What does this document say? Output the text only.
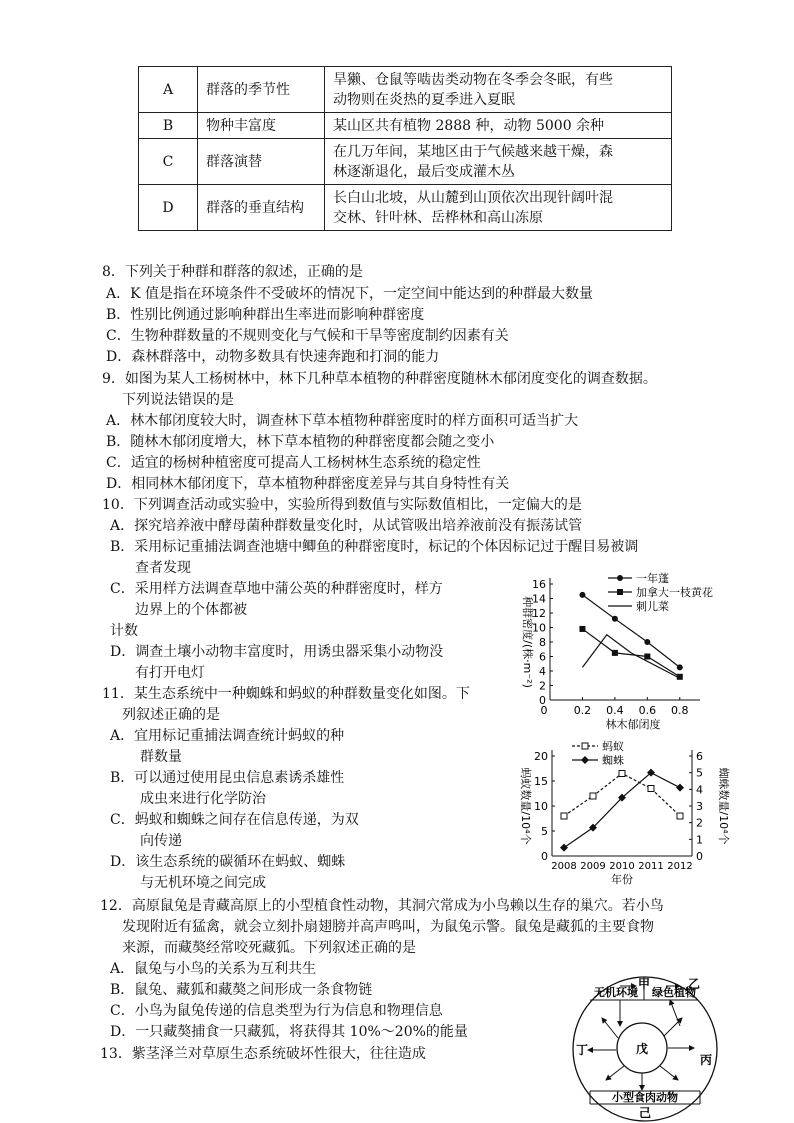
A	群落的季节性	旱獭、仓鼠等啮齿类动物在冬季会冬眠，有些
动物则在炎热的夏季进入夏眠

B	物种丰富度	某山区共有植物 2888 种，动物 5000 余种

C	群落演替	在几万年间，某地区由于气候越来越干燥，森
林逐渐退化，最后变成灌木丛

D	群落的垂直结构	长白山北坡，从山麓到山顶依次出现针阔叶混
交林、针叶林、岳桦林和高山冻原
8．下列关于种群和群落的叙述，正确的是
A．K 值是指在环境条件不受破坏的情况下，一定空间中能达到的种群最大数量
B．性别比例通过影响种群出生率进而影响种群密度
C．生物种群数量的不规则变化与气候和干旱等密度制约因素有关
D．森林群落中，动物多数具有快速奔跑和打洞的能力
9．如图为某人工杨树林中，林下几种草本植物的种群密度随林木郁闭度变化的调查数据。
下列说法错误的是
A．林木郁闭度较大时，调查林下草本植物种群密度时的样方面积可适当扩大
B．随林木郁闭度增大，林下草本植物的种群密度都会随之变小
C．适宜的杨树种植密度可提高人工杨树林生态系统的稳定性
D．相同林木郁闭度下，草本植物种群密度差异与其自身特性有关
10．下列调查活动或实验中，实验所得到数值与实际数值相比，一定偏大的是
A．探究培养液中酵母菌种群数量变化时，从试管吸出培养液前没有振荡试管
B．采用标记重捕法调查池塘中鲫鱼的种群密度时，标记的个体因标记过于醒目易被调
查者发现
C．采用样方法调查草地中蒲公英的种群密度时，样方
边界上的个体都被
计数
D．调查土壤小动物丰富度时，用诱虫器采集小动物没
有打开电灯
11．某生态系统中一种蜘蛛和蚂蚁的种群数量变化如图。下
列叙述正确的是
A．宜用标记重捕法调查统计蚂蚁的种
群数量
B．可以通过使用昆虫信息素诱杀雄性
成虫来进行化学防治
C．蚂蚁和蜘蛛之间存在信息传递，为双
向传递
D．该生态系统的碳循环在蚂蚁、蜘蛛
与无机环境之间完成
12．高原鼠兔是青藏高原上的小型植食性动物，其洞穴常成为小鸟赖以生存的巢穴。若小鸟
发现附近有猛禽，就会立刻扑扇翅膀并高声鸣叫，为鼠兔示警。鼠兔是藏狐的主要食物
来源，而藏獒经常咬死藏狐。下列叙述正确的是
A．鼠兔与小鸟的关系为互利共生
B．鼠兔、藏狐和藏獒之间形成一条食物链
C．小鸟为鼠兔传递的信息类型为行为信息和物理信息
D．一只藏獒捕食一只藏狐，将获得其 10%～20%的能量
13．紫茎泽兰对草原生态系统破坏性很大，往往造成
0
2
4
6
8
10
12
14
16
0.2 0.4 0.6 0.8
0
林木郁闭度
种群密度/(株·m⁻²)
一年蓬
加拿大一枝黄花
刺儿菜
0
5
10
15
20
0
1
2
3
4
5
6
2008 2009 2010 2011 2012
年份
蚂蚁数量/10⁴个	蜘蛛数量/10⁴个
蚂蚁
蜘蛛
甲	乙
无机环境 绿色植物
丁	戊
丙
小型食肉动物
己
